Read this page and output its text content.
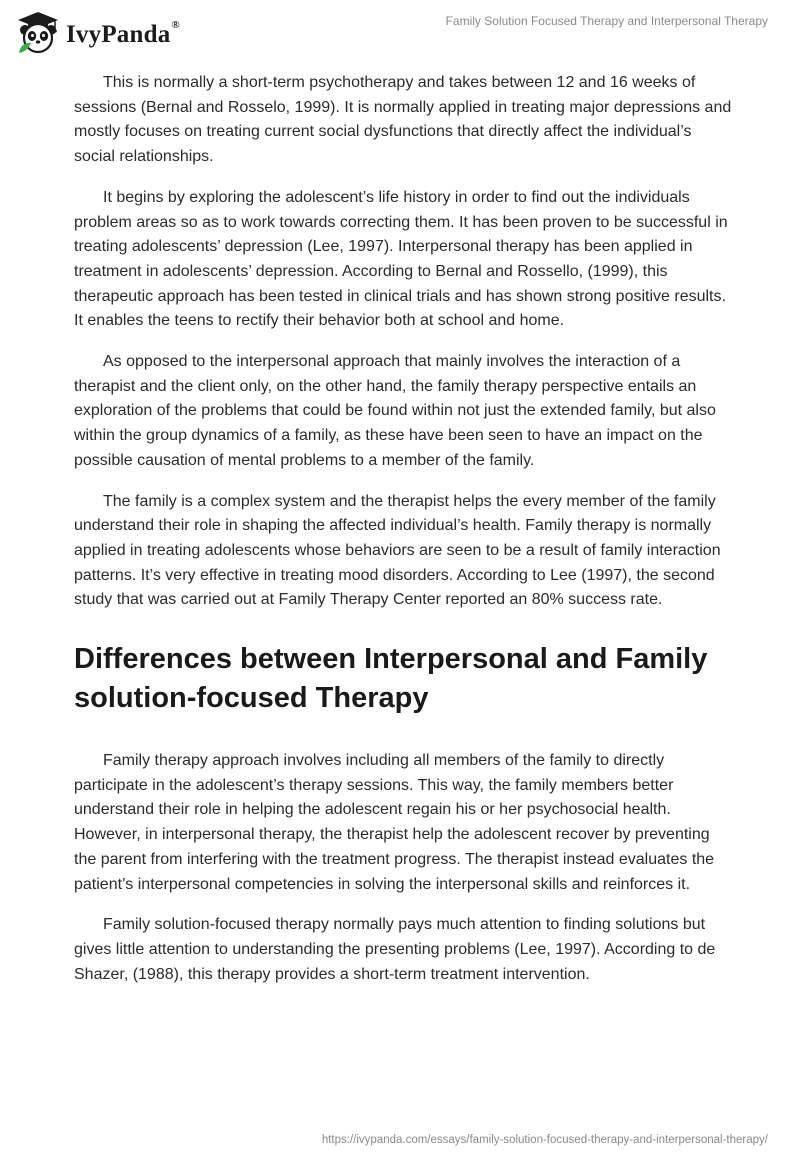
IvyPanda®	Family Solution Focused Therapy and Interpersonal Therapy

This is normally a short-term psychotherapy and takes between 12 and 16 weeks of sessions (Bernal and Rosselo, 1999). It is normally applied in treating major depressions and mostly focuses on treating current social dysfunctions that directly affect the individual’s social relationships.

It begins by exploring the adolescent’s life history in order to find out the individuals problem areas so as to work towards correcting them. It has been proven to be successful in treating adolescents’ depression (Lee, 1997). Interpersonal therapy has been applied in treatment in adolescents’ depression. According to Bernal and Rossello, (1999), this therapeutic approach has been tested in clinical trials and has shown strong positive results. It enables the teens to rectify their behavior both at school and home.

As opposed to the interpersonal approach that mainly involves the interaction of a therapist and the client only, on the other hand, the family therapy perspective entails an exploration of the problems that could be found within not just the extended family, but also within the group dynamics of a family, as these have been seen to have an impact on the possible causation of mental problems to a member of the family.

The family is a complex system and the therapist helps the every member of the family understand their role in shaping the affected individual’s health. Family therapy is normally applied in treating adolescents whose behaviors are seen to be a result of family interaction patterns. It’s very effective in treating mood disorders. According to Lee (1997), the second study that was carried out at Family Therapy Center reported an 80% success rate.

Differences between Interpersonal and Family solution-focused Therapy

Family therapy approach involves including all members of the family to directly participate in the adolescent’s therapy sessions. This way, the family members better understand their role in helping the adolescent regain his or her psychosocial health. However, in interpersonal therapy, the therapist help the adolescent recover by preventing the parent from interfering with the treatment progress. The therapist instead evaluates the patient’s interpersonal competencies in solving the interpersonal skills and reinforces it.

Family solution-focused therapy normally pays much attention to finding solutions but gives little attention to understanding the presenting problems (Lee, 1997). According to de Shazer, (1988), this therapy provides a short-term treatment intervention.

https://ivypanda.com/essays/family-solution-focused-therapy-and-interpersonal-therapy/
